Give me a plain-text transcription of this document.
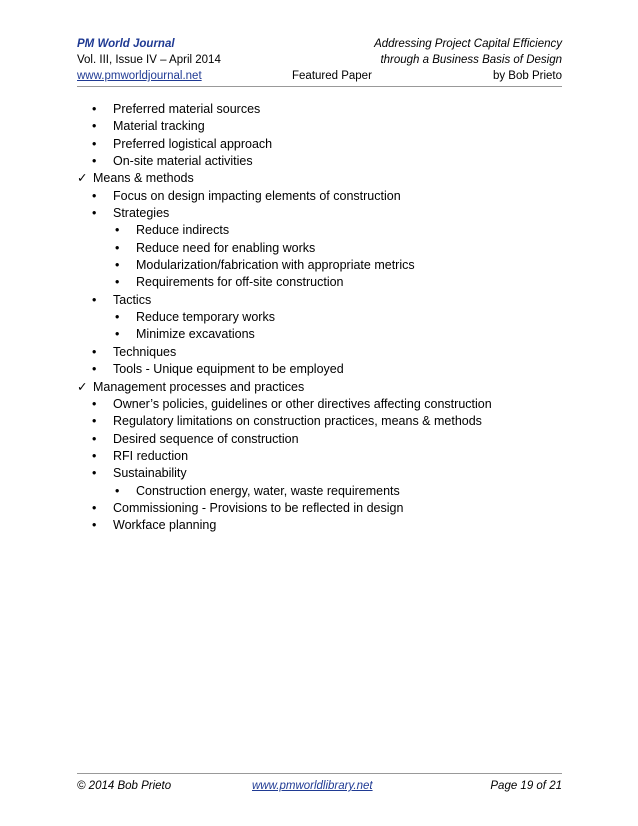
PM World Journal	Addressing Project Capital Efficiency
Vol. III, Issue IV – April 2014	through a Business Basis of Design
www.pmworldjournal.net	Featured Paper	by Bob Prieto
• Preferred material sources
• Material tracking
• Preferred logistical approach
• On-site material activities
✓ Means & methods
• Focus on design impacting elements of construction
• Strategies
• Reduce indirects
• Reduce need for enabling works
• Modularization/fabrication with appropriate metrics
• Requirements for off-site construction
• Tactics
• Reduce temporary works
• Minimize excavations
• Techniques
• Tools - Unique equipment to be employed
✓ Management processes and practices
• Owner’s policies, guidelines or other directives affecting construction
• Regulatory limitations on construction practices, means & methods
• Desired sequence of construction
• RFI reduction
• Sustainability
• Construction energy, water, waste requirements
• Commissioning - Provisions to be reflected in design
• Workface planning
© 2014 Bob Prieto	www.pmworldlibrary.net	Page 19 of 21
